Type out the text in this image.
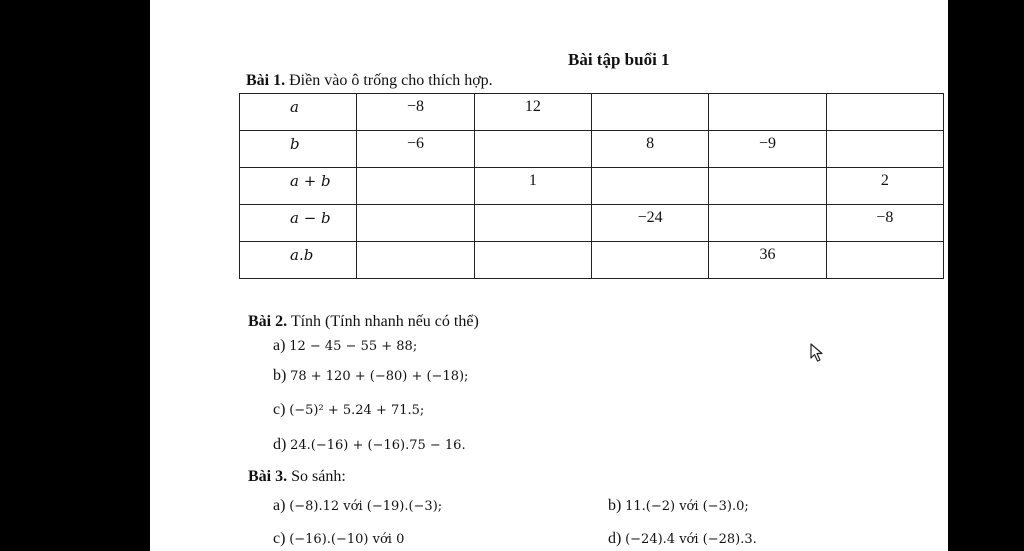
Bài tập buổi 1
Bài 1. Điền vào ô trống cho thích hợp.
a	−8	12			
b	−6		8	−9	
a + b		1			2
a − b			−24		−8
a.b				36	
Bài 2. Tính (Tính nhanh nếu có thể)
a) 12 − 45 − 55 + 88;
b) 78 + 120 + (−80) + (−18);
c) (−5)² + 5.24 + 71.5;
d) 24.(−16) + (−16).75 − 16.
Bài 3. So sánh:
a) (−8).12 với (−19).(−3);	b) 11.(−2) với (−3).0;
c) (−16).(−10) với 0	d) (−24).4 với (−28).3.
